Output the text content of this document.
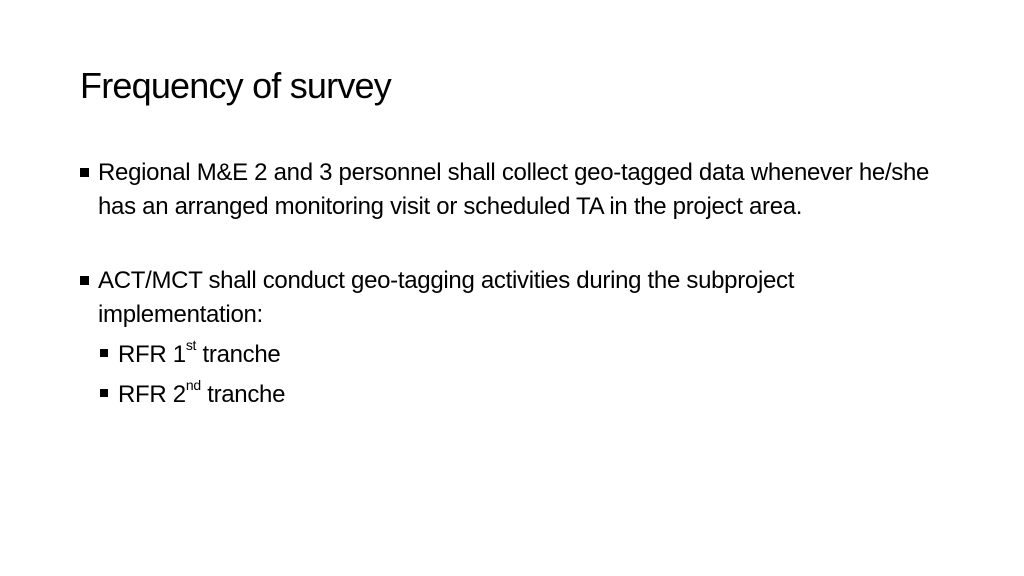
Frequency of survey

Regional M&E 2 and 3 personnel shall collect geo-tagged data whenever he/she has an arranged monitoring visit or scheduled TA in the project area.

ACT/MCT shall conduct geo-tagging activities during the subproject implementation:

RFR 1st tranche

RFR 2nd tranche
